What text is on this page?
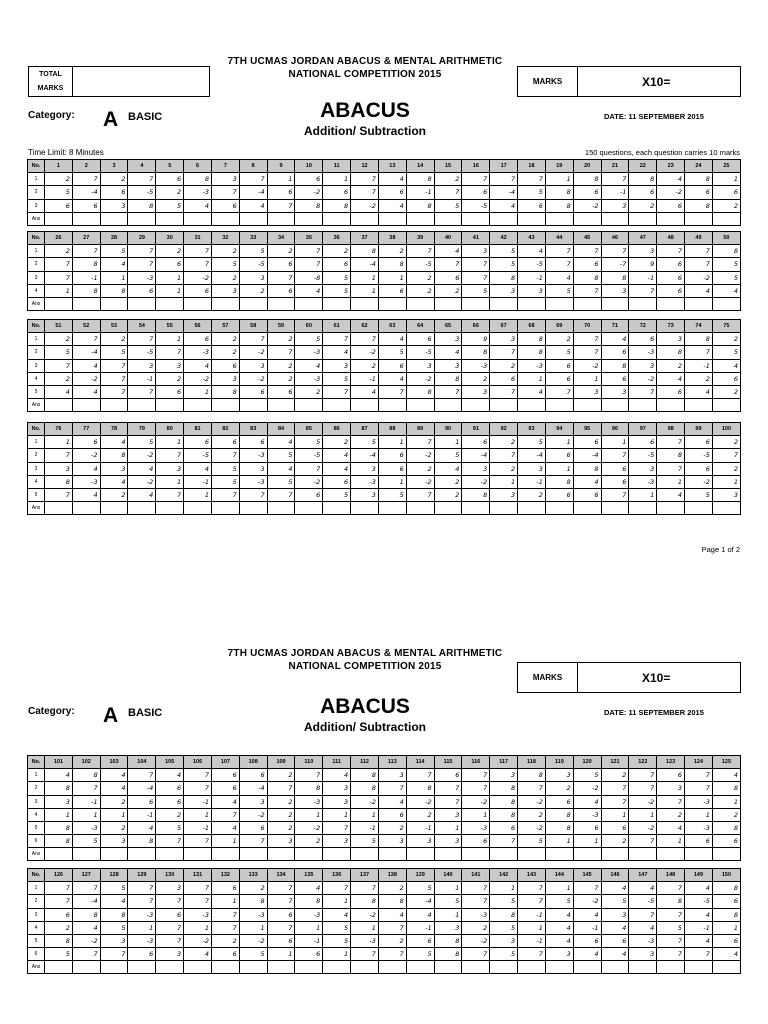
7TH UCMAS JORDAN ABACUS & MENTAL ARITHMETIC
NATIONAL COMPETITION 2015
TOTAL
MARKS
MARKS	X10=
Category: A BASIC	ABACUS
Addition/ Subtraction
DATE: 11 SEPTEMBER 2015
Time Limit: 8 Minutes	150 questions, each question carries 10 marks
No.	1	2	3	4	5	6	7	8	9	10	11	12	13	14	15	16	17	18	19	20	21	22	23	24	25
1	2	7	2	7	6	8	3	7	1	6	1	7	4	8	2	7	7	7	1	8	7	8	4	8	1
2	5	-4	6	-5	2	-3	7	-4	6	-2	6	7	6	-1	7	6	-4	5	8	6	-1	6	-2	6	6
3	6	6	3	8	5	4	6	4	7	8	8	-2	4	8	5	-5	4	6	8	-2	3	2	6	8	2
Ans																									
No.	26	27	28	29	30	31	32	33	34	35	36	37	38	39	40	41	42	43	44	45	46	47	48	49	50
1	2	7	5	7	2	7	2	5	2	7	2	8	2	7	4	3	5	4	7	7	7	3	7	7	8
2	7	8	4	7	6	7	5	-5	6	7	6	-4	8	-5	7	7	5	-5	7	6	-7	9	6	7	5
3	7	-1	1	-3	1	-2	2	3	7	-8	5	1	1	2	6	7	8	-1	4	8	8	-1	6	-2	5
4	1	8	8	6	1	6	3	2	6	4	5	1	6	2	2	5	3	3	5	7	3	7	6	4	4
Ans																									
No.	51	52	53	54	55	56	57	58	59	60	61	62	63	64	65	66	67	68	69	70	71	72	73	74	75
1	2	7	2	7	1	6	2	7	2	5	7	7	4	6	3	9	3	8	2	7	4	6	3	8	2
2	5	-4	5	-5	7	-3	2	-2	7	-3	4	-2	5	-5	4	8	7	8	5	7	6	-3	8	7	5
3	7	4	7	3	3	4	6	3	2	4	3	2	6	3	3	-3	2	-3	6	-2	8	3	2	-1	4
4	2	-2	7	-1	2	-2	3	-2	2	-3	5	-1	4	-2	8	2	6	1	6	1	6	-2	4	2	6
5	4	4	7	7	6	1	8	6	6	2	7	4	7	8	7	3	7	4	7	3	3	7	6	4	2
Ans																									
No.	76	77	78	79	80	81	82	83	84	85	86	87	88	89	90	91	92	93	94	95	96	97	98	99	100
1	1	6	4	5	1	6	6	6	4	5	2	5	1	7	1	6	2	5	1	6	1	6	7	6	2
2	7	-2	8	-2	7	-5	7	-3	5	-5	4	-4	6	-2	5	-4	7	-4	6	-4	7	-5	8	-5	7
3	3	4	3	4	3	4	5	3	4	7	4	3	6	2	4	3	2	3	1	8	6	3	7	6	2
4	8	-3	4	-2	1	-1	5	-3	5	-2	6	-3	1	-2	2	-2	1	-1	8	4	6	-3	1	-2	1
5	7	4	2	4	7	1	7	7	7	6	5	3	5	7	2	8	3	2	6	6	7	1	4	5	3
Ans																									
Page 1 of 2
7TH UCMAS JORDAN ABACUS & MENTAL ARITHMETIC
NATIONAL COMPETITION 2015
MARKS	X10=
Category: A BASIC	ABACUS
Addition/ Subtraction
DATE: 11 SEPTEMBER 2015
No.	101	102	103	104	105	106	107	108	109	110	111	112	113	114	115	116	117	118	119	120	121	122	123	124	125
1	4	8	4	7	4	7	6	6	2	7	4	8	3	7	6	7	3	8	3	5	2	7	6	7	4
2	8	7	4	-4	6	7	6	-4	7	8	3	8	7	8	7	7	8	7	2	-2	7	7	3	7	8
3	3	-1	2	6	6	-1	4	3	2	-3	3	-2	4	-2	7	-2	8	-2	6	4	7	-2	7	-3	1
4	1	1	1	-1	2	1	7	-2	2	1	1	1	6	2	3	1	8	2	8	-3	1	1	2	1	2
5	8	-3	2	4	5	-1	4	6	2	-2	7	-1	2	-1	1	-3	6	-2	8	6	6	-2	4	-3	8
6	8	5	3	8	7	7	1	7	3	2	3	5	3	3	3	6	7	5	1	1	2	7	1	6	6
Ans																									
No.	126	127	128	129	130	131	132	133	134	135	136	137	138	139	140	141	142	143	144	145	146	147	148	149	150
1	7	7	5	7	3	7	6	2	7	4	7	7	2	5	1	7	1	7	1	7	4	4	7	4	8
2	7	-4	4	7	7	7	1	8	7	8	1	8	8	-4	5	7	5	7	5	-2	5	-5	8	-5	6
3	6	8	8	-3	6	-3	7	-3	6	-3	4	-2	4	4	1	-3	8	-1	4	4	3	7	7	4	8
4	2	4	5	1	7	1	7	1	7	1	5	1	7	-1	3	2	5	1	4	-1	4	4	5	-1	1
5	8	-2	3	-3	7	-2	2	-2	6	-1	5	-3	2	6	8	-2	3	-1	4	6	6	-3	7	4	6
6	5	7	7	6	3	4	6	5	1	6	1	7	7	5	8	7	5	7	3	4	4	3	7	7	4
Ans																									
